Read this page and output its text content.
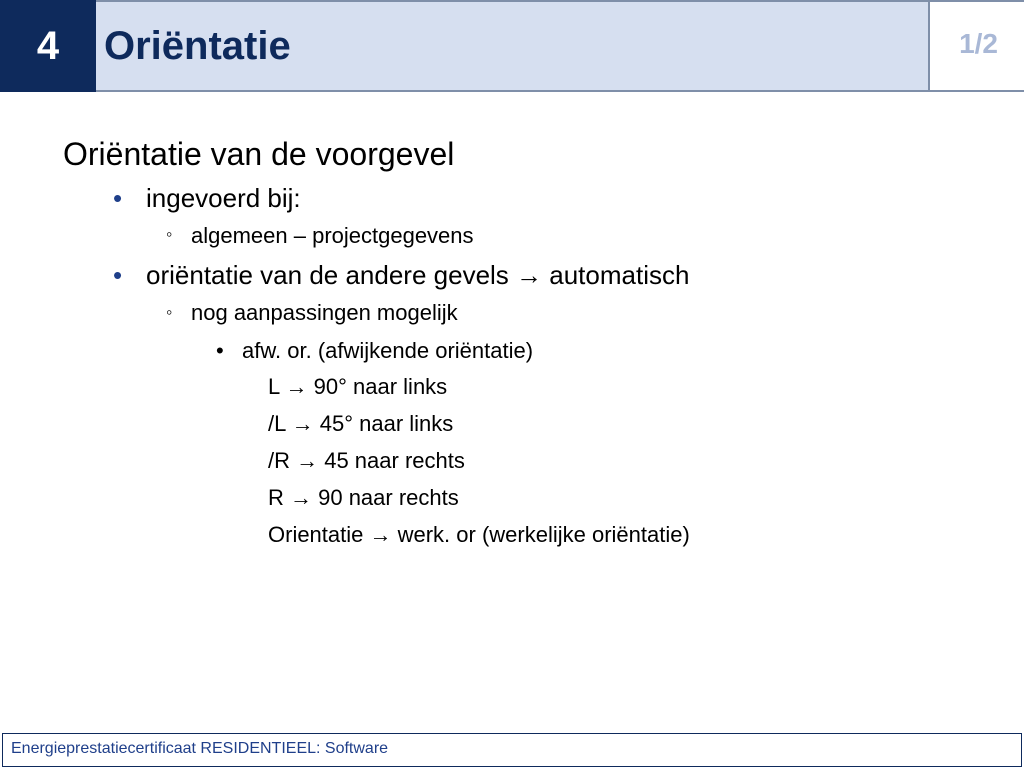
4	Oriëntatie	1/2
Oriëntatie van de voorgevel
• ingevoerd bij:
◦ algemeen – projectgegevens
• oriëntatie van de andere gevels → automatisch
◦ nog aanpassingen mogelijk
• afw. or. (afwijkende oriëntatie)
L → 90° naar links
/L → 45° naar links
/R → 45 naar rechts
R → 90 naar rechts
Orientatie → werk. or (werkelijke oriëntatie)
Energieprestatiecertificaat RESIDENTIEEL: Software
